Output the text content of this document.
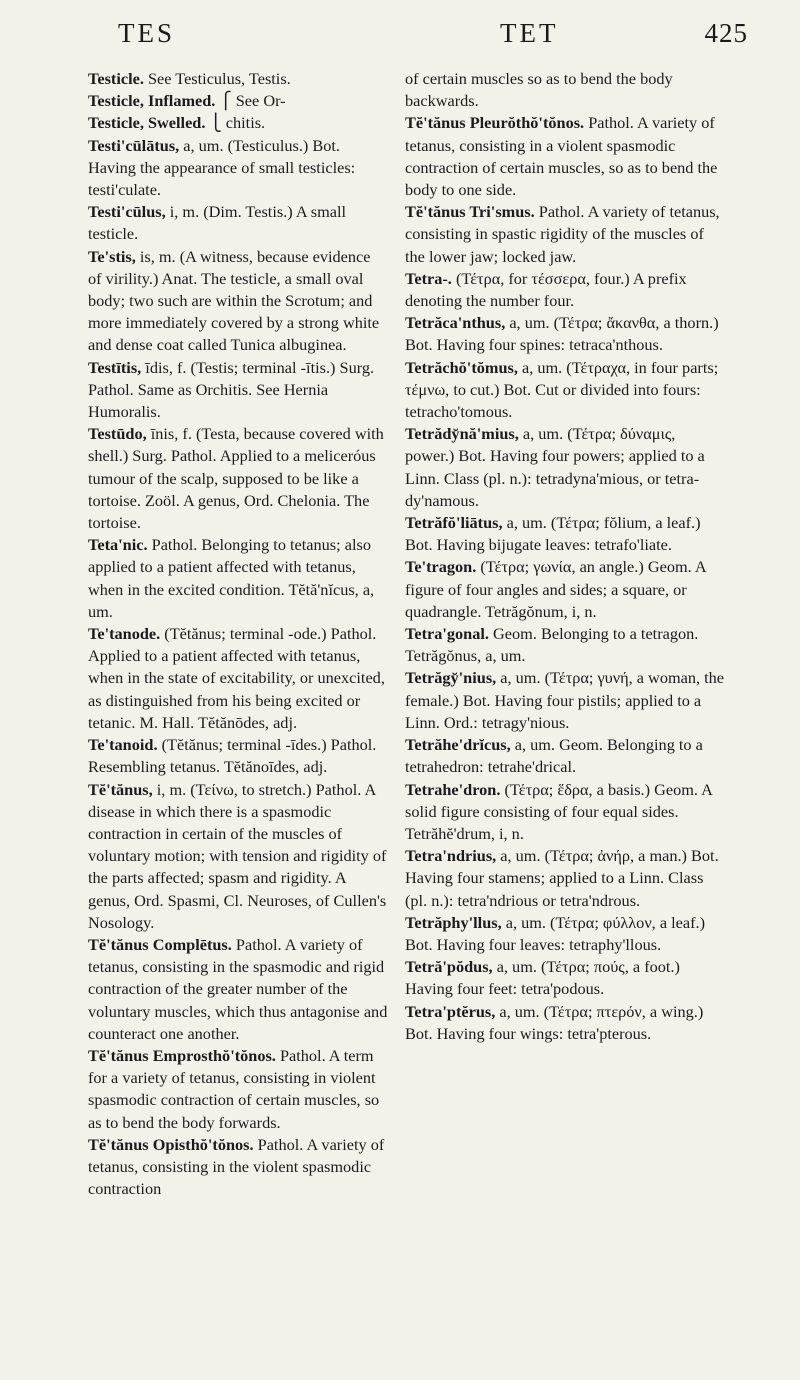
TES	TET	425

Testicle. See Testiculus, Testis.

Testicle, Inflamed. ⎧ See Or-

Testicle, Swelled. ⎩ chitis.

Testi'cūlātus, a, um. (Testiculus.) Bot. Having the appearance of small testicles: testi'culate.

Testi'cūlus, i, m. (Dim. Testis.) A small testicle.

Te'stis, is, m. (A witness, because evidence of virility.) Anat. The testicle, a small oval body; two such are within the Scrotum; and more immediately covered by a strong white and dense coat called Tunica albuginea.

Testītis, īdis, f. (Testis; terminal -ītis.) Surg. Pathol. Same as Orchitis. See Hernia Humoralis.

Testūdo, īnis, f. (Testa, because covered with shell.) Surg. Pathol. Applied to a meliceróus tumour of the scalp, supposed to be like a tortoise. Zoöl. A genus, Ord. Chelonia. The tortoise.

Teta'nic. Pathol. Belonging to tetanus; also applied to a patient affected with tetanus, when in the excited condition. Tĕtă'nĭcus, a, um.

Te'tanode. (Tĕtănus; terminal -ode.) Pathol. Applied to a patient affected with tetanus, when in the state of excitability, or unexcited, as distinguished from his being excited or tetanic. M. Hall. Tĕtănōdes, adj.

Te'tanoid. (Tĕtănus; terminal -īdes.) Pathol. Resembling tetanus. Tĕtănoīdes, adj.

Tĕ'tănus, i, m. (Τείνω, to stretch.) Pathol. A disease in which there is a spasmodic contraction in certain of the muscles of voluntary motion; with tension and rigidity of the parts affected; spasm and rigidity. A genus, Ord. Spasmi, Cl. Neuroses, of Cullen's Nosology.

Tĕ'tănus Complētus. Pathol. A variety of tetanus, consisting in the spasmodic and rigid contraction of the greater number of the voluntary muscles, which thus antagonise and counteract one another.

Tĕ'tănus Emprosthŏ'tŏnos. Pathol. A term for a variety of tetanus, consisting in violent spasmodic contraction of certain muscles, so as to bend the body forwards.

Tĕ'tănus Opisthŏ'tŏnos. Pathol. A variety of tetanus, consisting in the violent spasmodic contraction

of certain muscles so as to bend the body backwards.

Tĕ'tănus Pleurŏthŏ'tŏnos. Pathol. A variety of tetanus, consisting in a violent spasmodic contraction of certain muscles, so as to bend the body to one side.

Tĕ'tănus Tri'smus. Pathol. A variety of tetanus, consisting in spastic rigidity of the muscles of the lower jaw; locked jaw.

Tetra-. (Τέτρα, for τέσσερα, four.) A prefix denoting the number four.

Tetrăca'nthus, a, um. (Τέτρα; ἄκανθα, a thorn.) Bot. Having four spines: tetraca'nthous.

Tetrăchŏ'tŏmus, a, um. (Τέτραχα, in four parts; τέμνω, to cut.) Bot. Cut or divided into fours: tetracho'tomous.

Tetrădy̆nă'mius, a, um. (Τέτρα; δύναμις, power.) Bot. Having four powers; applied to a Linn. Class (pl. n.): tetradyna'mious, or tetra-dy'namous.

Tetrăfŏ'liātus, a, um. (Τέτρα; fŏlium, a leaf.) Bot. Having bijugate leaves: tetrafo'liate.

Te'tragon. (Τέτρα; γωνία, an angle.) Geom. A figure of four angles and sides; a square, or quadrangle. Tetrăgŏnum, i, n.

Tetra'gonal. Geom. Belonging to a tetragon. Tetrăgŏnus, a, um.

Tetrăgy̆'nius, a, um. (Τέτρα; γυνή, a woman, the female.) Bot. Having four pistils; applied to a Linn. Ord.: tetragy'nious.

Tetrăhe'drĭcus, a, um. Geom. Belonging to a tetrahedron: tetrahe'drical.

Tetrahe'dron. (Τέτρα; ἕδρα, a basis.) Geom. A solid figure consisting of four equal sides. Tetrăhĕ'drum, i, n.

Tetra'ndrius, a, um. (Τέτρα; ἀνήρ, a man.) Bot. Having four stamens; applied to a Linn. Class (pl. n.): tetra'ndrious or tetra'ndrous.

Tetrăphy'llus, a, um. (Τέτρα; φύλλον, a leaf.) Bot. Having four leaves: tetraphy'llous.

Tetră'pŏdus, a, um. (Τέτρα; πούς, a foot.) Having four feet: tetra'podous.

Tetra'ptĕrus, a, um. (Τέτρα; πτερόν, a wing.) Bot. Having four wings: tetra'pterous.
